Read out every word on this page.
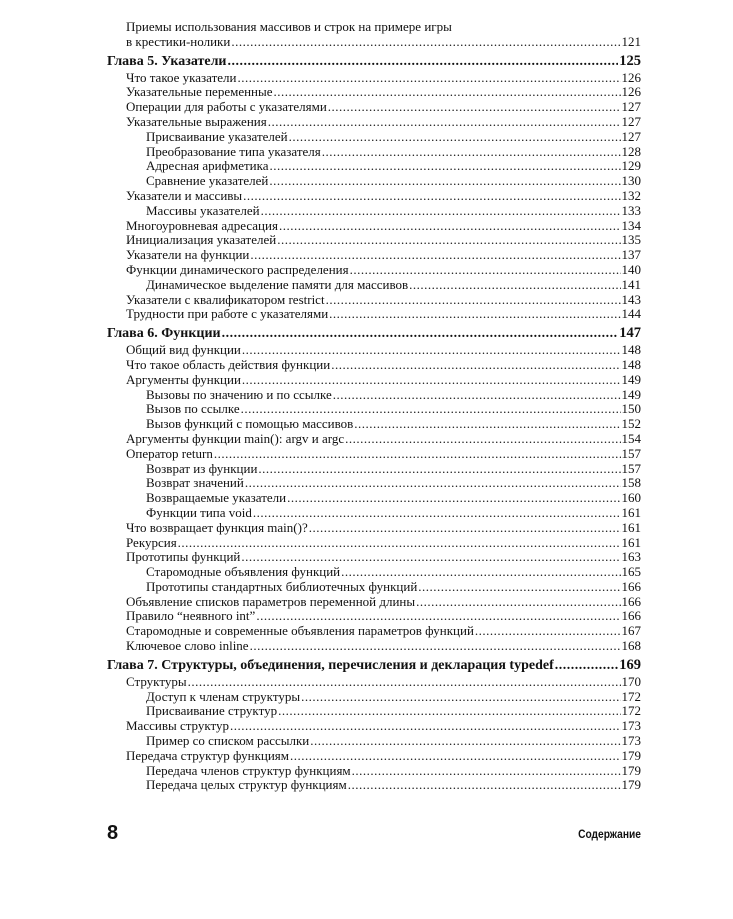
Приемы использования массивов и строк на примере игры
в крестики-нолики .....	121
Глава 5. Указатели .....	125
Что такое указатели .....	126
Указательные переменные .....	126
Операции для работы с указателями .....	127
Указательные выражения .....	127
Присваивание указателей .....	127
Преобразование типа указателя .....	128
Адресная арифметика .....	129
Сравнение указателей .....	130
Указатели и массивы .....	132
Массивы указателей .....	133
Многоуровневая адресация .....	134
Инициализация указателей .....	135
Указатели на функции .....	137
Функции динамического распределения .....	140
Динамическое выделение памяти для массивов .....	141
Указатели с квалификатором restrict .....	143
Трудности при работе с указателями .....	144
Глава 6. Функции .....	147
Общий вид функции .....	148
Что такое область действия функции .....	148
Аргументы функции .....	149
Вызовы по значению и по ссылке .....	149
Вызов по ссылке .....	150
Вызов функций с помощью массивов .....	152
Аргументы функции main(): argv и argc .....	154
Оператор return .....	157
Возврат из функции .....	157
Возврат значений .....	158
Возвращаемые указатели .....	160
Функции типа void .....	161
Что возвращает функция main()? .....	161
Рекурсия .....	161
Прототипы функций .....	163
Старомодные объявления функций .....	165
Прототипы стандартных библиотечных функций .....	166
Объявление списков параметров переменной длины .....	166
Правило “неявного int” .....	166
Старомодные и современные объявления параметров функций .....	167
Ключевое слово inline .....	168
Глава 7. Структуры, объединения, перечисления и декларация typedef .....	169
Структуры .....	170
Доступ к членам структуры .....	172
Присваивание структур .....	172
Массивы структур .....	173
Пример со списком рассылки .....	173
Передача структур функциям .....	179
Передача членов структур функциям .....	179
Передача целых структур функциям .....	179
8	Содержание
